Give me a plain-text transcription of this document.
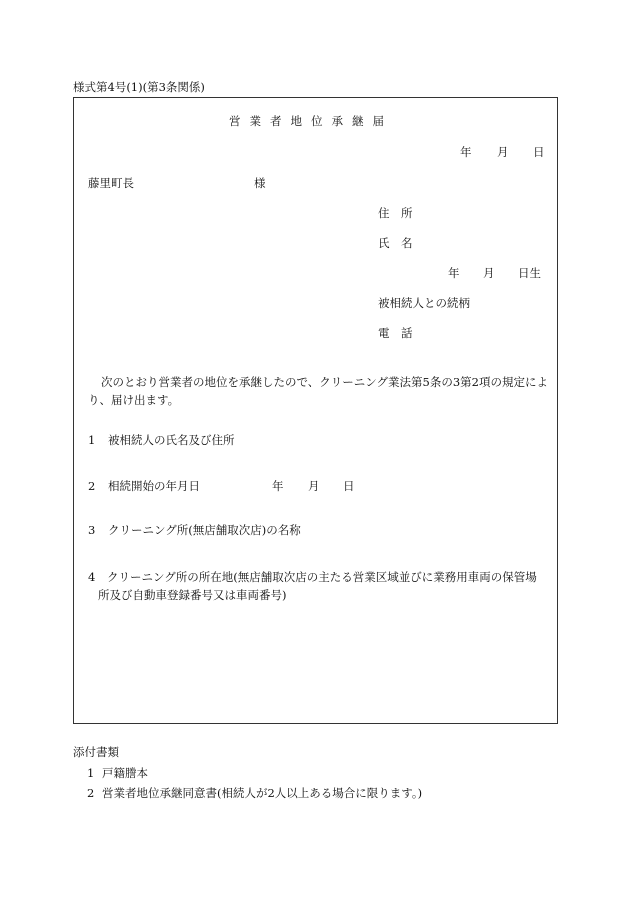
様式第4号(1)(第3条関係)
営業者地位承継届
年 月 日
藤里町長	様
住　所
氏　名
年 月 日生
被相続人との続柄
電　話
次のとおり営業者の地位を承継したので、クリーニング業法第5条の3第2項の規定により、届け出ます。
1 被相続人の氏名及び住所
2 相続開始の年月日	年 月 日
3 クリーニング所(無店舗取次店)の名称
4 クリーニング所の所在地(無店舗取次店の主たる営業区域並びに業務用車両の保管場
所及び自動車登録番号又は車両番号)
添付書類
1 戸籍謄本
2 営業者地位承継同意書(相続人が2人以上ある場合に限ります。)
